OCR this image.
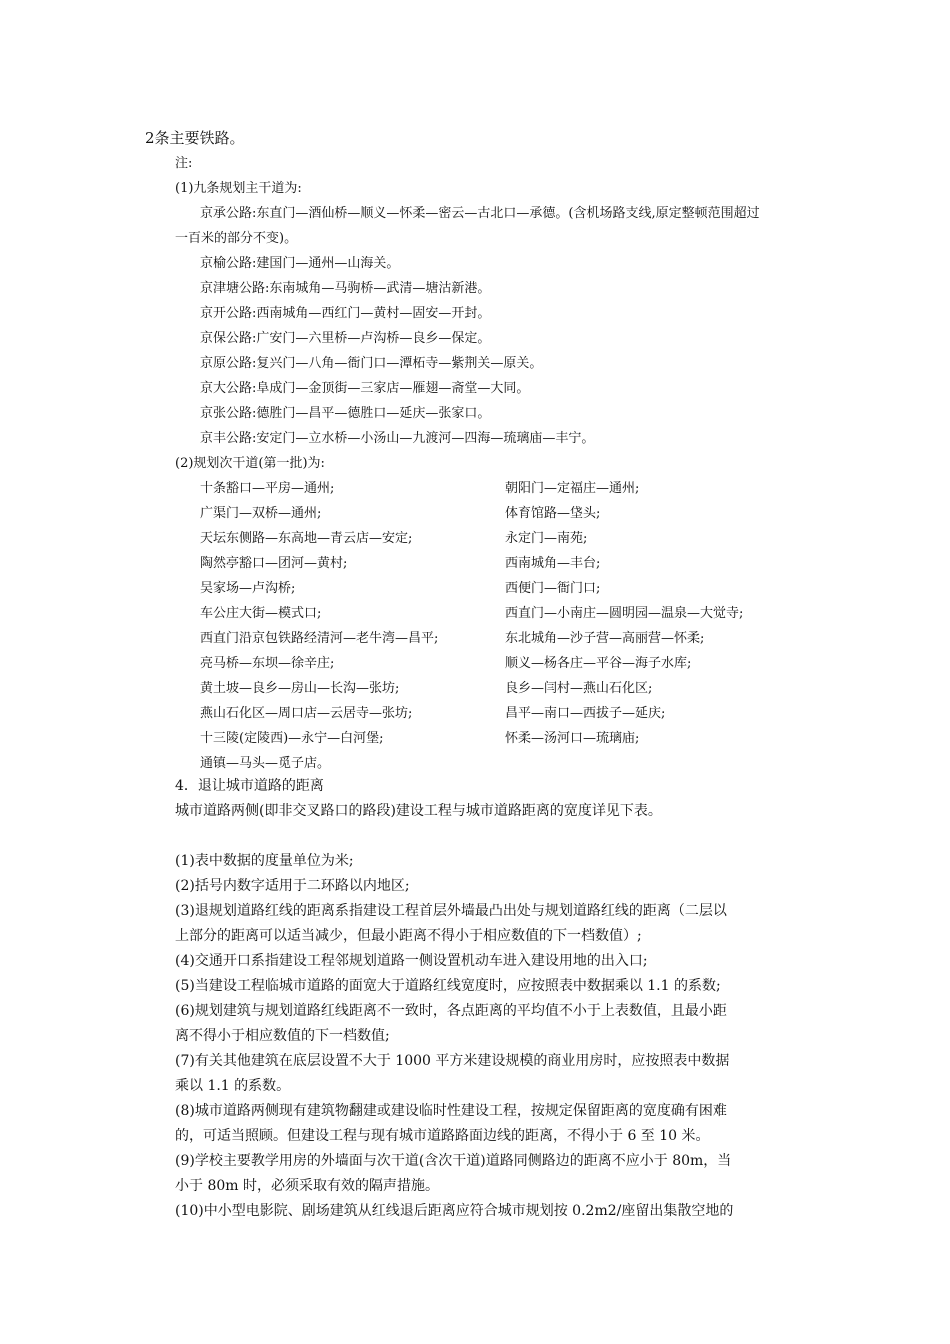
2条主要铁路。
注:
(1)九条规划主干道为:
京承公路:东直门—酒仙桥—顺义—怀柔—密云—古北口—承德。(含机场路支线,原定整顿范围超过
一百米的部分不变)。
京榆公路:建国门—通州—山海关。
京津塘公路:东南城角—马驹桥—武清—塘沽新港。
京开公路:西南城角—西红门—黄村—固安—开封。
京保公路:广安门—六里桥—卢沟桥—良乡—保定。
京原公路:复兴门—八角—衙门口—潭柘寺—紫荆关—原关。
京大公路:阜成门—金顶街—三家店—雁翅—斋堂—大同。
京张公路:德胜门—昌平—德胜口—延庆—张家口。
京丰公路:安定门—立水桥—小汤山—九渡河—四海—琉璃庙—丰宁。
(2)规划次干道(第一批)为:
十条豁口—平房—通州;
广渠门—双桥—通州;
天坛东侧路—东高地—青云店—安定;
陶然亭豁口—团河—黄村;
吴家场—卢沟桥;
车公庄大街—模式口;
西直门沿京包铁路经清河—老牛湾—昌平;
亮马桥—东坝—徐辛庄;
黄土坡—良乡—房山—长沟—张坊;
燕山石化区—周口店—云居寺—张坊;
十三陵(定陵西)—永宁—白河堡;
通镇—马头—觅子店。
朝阳门—定福庄—通州;
体育馆路—垡头;
永定门—南苑;
西南城角—丰台;
西便门—衙门口;
西直门—小南庄—圆明园—温泉—大觉寺;
东北城角—沙子营—高丽营—怀柔;
顺义—杨各庄—平谷—海子水库;
良乡—闫村—燕山石化区;
昌平—南口—西拔子—延庆;
怀柔—汤河口—琉璃庙;
4．退让城市道路的距离
城市道路两侧(即非交叉路口的路段)建设工程与城市道路距离的宽度详见下表。
(1)表中数据的度量单位为米;
(2)括号内数字适用于二环路以内地区;
(3)退规划道路红线的距离系指建设工程首层外墙最凸出处与规划道路红线的距离（二层以
上部分的距离可以适当减少，但最小距离不得小于相应数值的下一档数值）;
(4)交通开口系指建设工程邻规划道路一侧设置机动车进入建设用地的出入口;
(5)当建设工程临城市道路的面宽大于道路红线宽度时，应按照表中数据乘以 1.1 的系数;
(6)规划建筑与规划道路红线距离不一致时，各点距离的平均值不小于上表数值，且最小距
离不得小于相应数值的下一档数值;
(7)有关其他建筑在底层设置不大于 1000 平方米建设规模的商业用房时，应按照表中数据
乘以 1.1 的系数。
(8)城市道路两侧现有建筑物翻建或建设临时性建设工程，按规定保留距离的宽度确有困难
的，可适当照顾。但建设工程与现有城市道路路面边线的距离，不得小于 6 至 10 米。
(9)学校主要教学用房的外墙面与次干道(含次干道)道路同侧路边的距离不应小于 80m，当
小于 80m 时，必须采取有效的隔声措施。
(10)中小型电影院、剧场建筑从红线退后距离应符合城市规划按 0.2m2/座留出集散空地的
